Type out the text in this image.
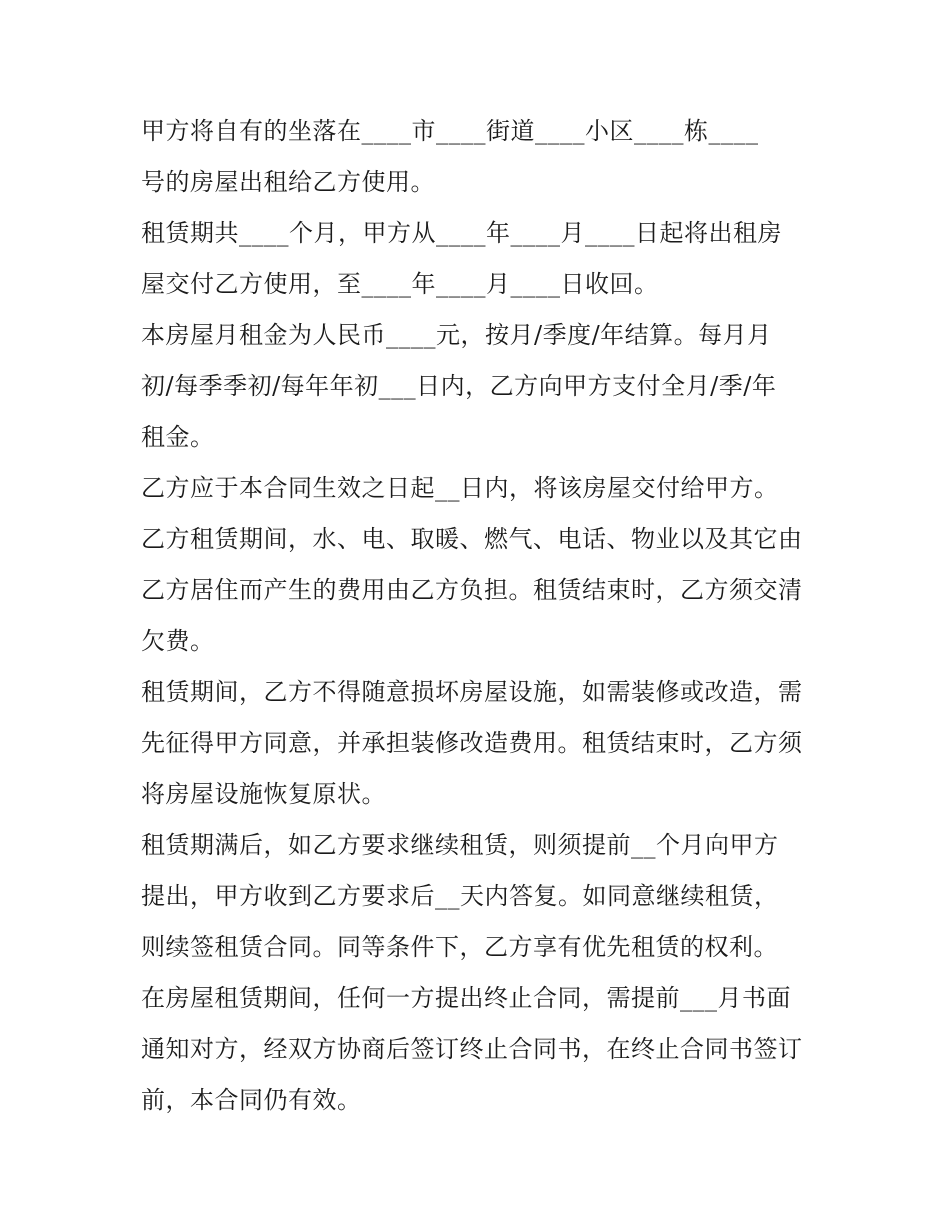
甲方将自有的坐落在____市____街道____小区____栋____
号的房屋出租给乙方使用。
租赁期共____个月，甲方从____年____月____日起将出租房
屋交付乙方使用，至____年____月____日收回。
本房屋月租金为人民币____元，按月/季度/年结算。每月月
初/每季季初/每年年初___日内，乙方向甲方支付全月/季/年
租金。
乙方应于本合同生效之日起__日内，将该房屋交付给甲方。
乙方租赁期间，水、电、取暖、燃气、电话、物业以及其它由
乙方居住而产生的费用由乙方负担。租赁结束时，乙方须交清
欠费。
租赁期间，乙方不得随意损坏房屋设施，如需装修或改造，需
先征得甲方同意，并承担装修改造费用。租赁结束时，乙方须
将房屋设施恢复原状。
租赁期满后，如乙方要求继续租赁，则须提前__个月向甲方
提出，甲方收到乙方要求后__天内答复。如同意继续租赁，
则续签租赁合同。同等条件下，乙方享有优先租赁的权利。
在房屋租赁期间，任何一方提出终止合同，需提前___月书面
通知对方，经双方协商后签订终止合同书，在终止合同书签订
前，本合同仍有效。
